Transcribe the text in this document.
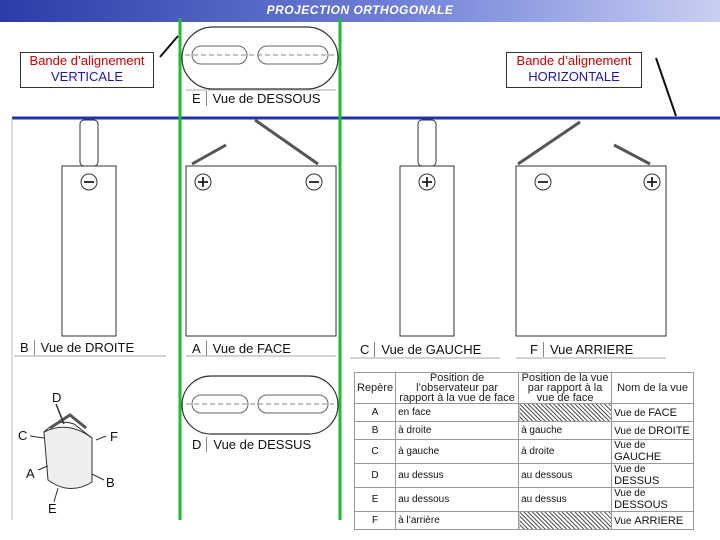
PROJECTION ORTHOGONALE
Bande d’alignement
VERTICALE
Bande d’alignement
HORIZONTALE
E Vue de DESSOUS
B Vue de DROITE	A Vue de FACE	C Vue de GAUCHE	F Vue ARRIERE
D Vue de DESSUS
D
C	F
A
B
E
Repère	Position de l’observateur par rapport à la vue de face	Position de la vue par rapport à la vue de face	Nom de la vue
A	en face		Vue de FACE
B	à droite	à gauche	Vue de DROITE
C	à gauche	à droite	Vue de GAUCHE
D	au dessus	au dessous	Vue de DESSUS
E	au dessous	au dessus	Vue de DESSOUS
F	à l’arrière		Vue ARRIERE
